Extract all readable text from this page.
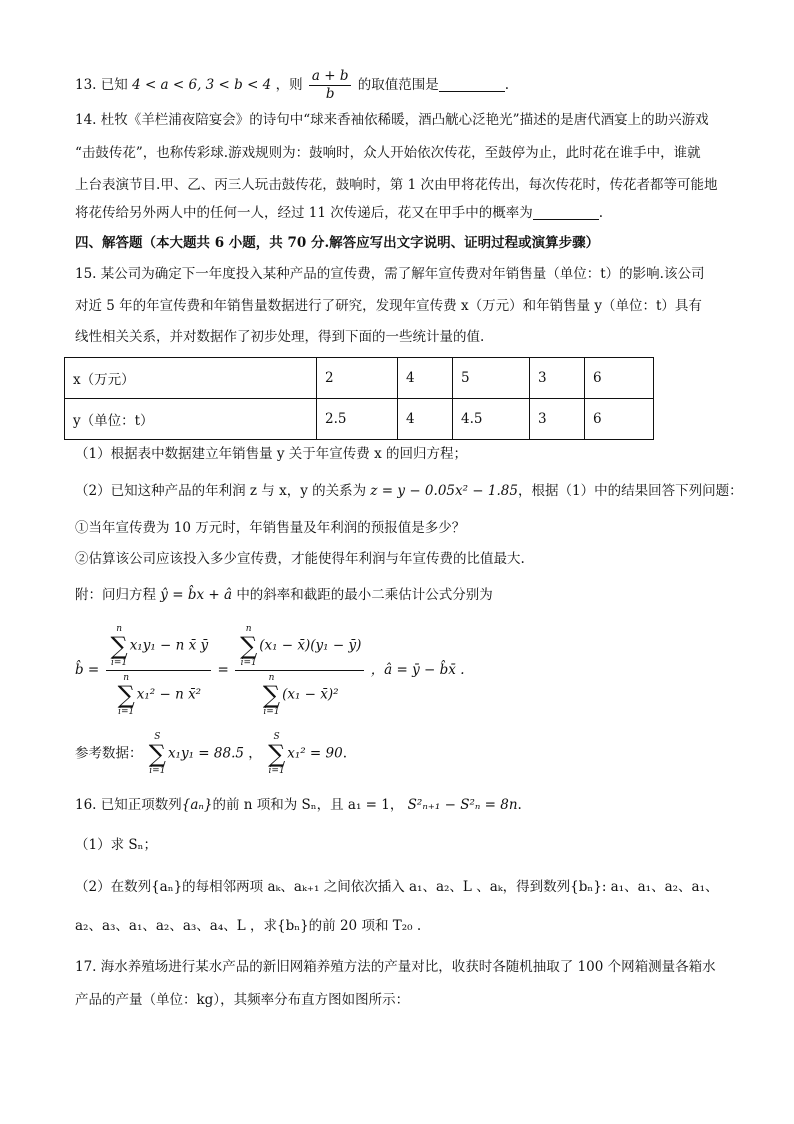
13. 已知 4 < a < 6, 3 < b < 4 ，则 $\frac{a + b}{b}$ 的取值范围是	.
14. 杜牧《羊栏浦夜陪宴会》的诗句中“球来香袖依稀暖，酒凸觥心泛艳光”描述的是唐代酒宴上的助兴游戏
“击鼓传花”，也称传彩球.游戏规则为：鼓响时，众人开始依次传花，至鼓停为止，此时花在谁手中，谁就
上台表演节目.甲、乙、丙三人玩击鼓传花，鼓响时，第 1 次由甲将花传出，每次传花时，传花者都等可能地
将花传给另外两人中的任何一人，经过 11 次传递后，花又在甲手中的概率为	.
四、解答题（本大题共 6 小题，共 70 分.解答应写出文字说明、证明过程或演算步骤）
15. 某公司为确定下一年度投入某种产品的宣传费，需了解年宣传费对年销售量（单位：t）的影响.该公司
对近 5 年的年宣传费和年销售量数据进行了研究，发现年宣传费 x（万元）和年销售量 y（单位：t）具有
线性相关关系，并对数据作了初步处理，得到下面的一些统计量的值.
x（万元）	2	4	5	3	6
y（单位：t）	2.5	4	4.5	3	6
（1）根据表中数据建立年销售量 y 关于年宣传费 x 的回归方程；
（2）已知这种产品的年利润 z 与 x，y 的关系为 z = y − 0.05x² − 1.85，根据（1）中的结果回答下列问题：
①当年宣传费为 10 万元时，年销售量及年利润的预报值是多少？
②估算该公司应该投入多少宣传费，才能使得年利润与年宣传费的比值最大.
附：问归方程 ŷ = b̂x + â 中的斜率和截距的最小二乘估计公式分别为
b̂ = n
∑
i=1
x₁y₁ − n x̄ ȳ
n
∑
i=1
x₁² − n x̄² = n
∑
i=1
(x₁ − x̄)(y₁ − ȳ)
n
∑
i=1
(x₁ − x̄)² ，â = ȳ − b̂x̄ .
参考数据：
S
∑
i=1
x₁y₁ = 88.5 ，
S
∑
i=1
x₁² = 90.
16. 已知正项数列{aₙ}的前 n 项和为 Sₙ，且 a₁ = 1， S²ₙ₊₁ − S²ₙ = 8n.
（1）求 Sₙ；
（2）在数列{aₙ}的每相邻两项 aₖ、aₖ₊₁ 之间依次插入 a₁、a₂、L 、aₖ，得到数列{bₙ}: a₁、a₁、a₂、a₁、
a₂、a₃、a₁、a₂、a₃、a₄、L ，求{bₙ}的前 20 项和 T₂₀ .
17. 海水养殖场进行某水产品的新旧网箱养殖方法的产量对比，收获时各随机抽取了 100 个网箱测量各箱水
产品的产量（单位：kg），其频率分布直方图如图所示：
